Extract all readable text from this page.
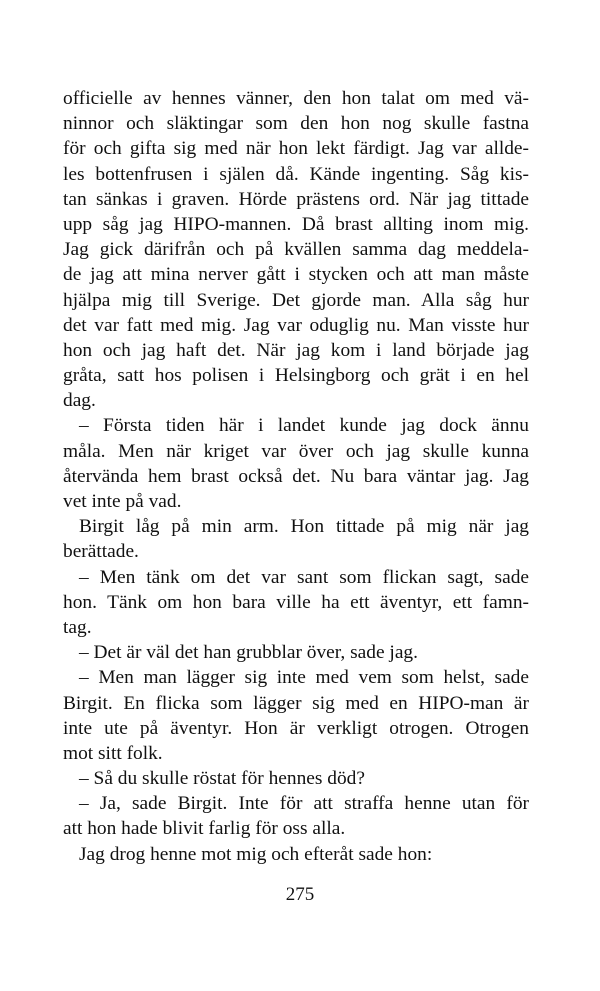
officielle av hennes vänner, den hon talat om med vä-
ninnor och släktingar som den hon nog skulle fastna
för och gifta sig med när hon lekt färdigt. Jag var allde-
les bottenfrusen i själen då. Kände ingenting. Såg kis-
tan sänkas i graven. Hörde prästens ord. När jag tittade
upp såg jag HIPO-mannen. Då brast allting inom mig.
Jag gick därifrån och på kvällen samma dag meddela-
de jag att mina nerver gått i stycken och att man måste
hjälpa mig till Sverige. Det gjorde man. Alla såg hur
det var fatt med mig. Jag var oduglig nu. Man visste hur
hon och jag haft det. När jag kom i land började jag
gråta, satt hos polisen i Helsingborg och grät i en hel
dag.
– Första tiden här i landet kunde jag dock ännu
måla. Men när kriget var över och jag skulle kunna
återvända hem brast också det. Nu bara väntar jag. Jag
vet inte på vad.
Birgit låg på min arm. Hon tittade på mig när jag
berättade.
– Men tänk om det var sant som flickan sagt, sade
hon. Tänk om hon bara ville ha ett äventyr, ett famn-
tag.
– Det är väl det han grubblar över, sade jag.
– Men man lägger sig inte med vem som helst, sade
Birgit. En flicka som lägger sig med en HIPO-man är
inte ute på äventyr. Hon är verkligt otrogen. Otrogen
mot sitt folk.
– Så du skulle röstat för hennes död?
– Ja, sade Birgit. Inte för att straffa henne utan för
att hon hade blivit farlig för oss alla.
Jag drog henne mot mig och efteråt sade hon:
275
